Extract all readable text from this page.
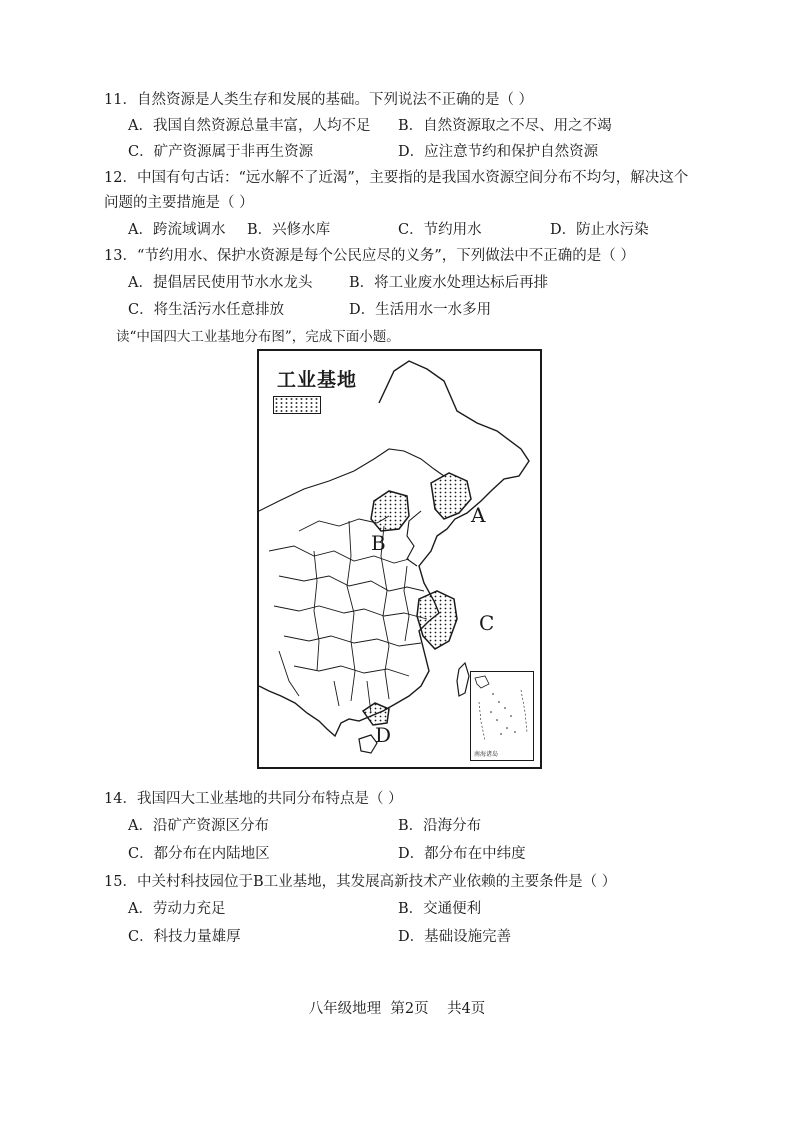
11．自然资源是人类生存和发展的基础。下列说法不正确的是（ ）
A．我国自然资源总量丰富，人均不足 B．自然资源取之不尽、用之不竭
C．矿产资源属于非再生资源	D．应注意节约和保护自然资源
12．中国有句古话：“远水解不了近渴”，主要指的是我国水资源空间分布不均匀，解决这个
问题的主要措施是（ ）
A．跨流域调水 B．兴修水库	C．节约用水	D．防止水污染
13．“节约用水、保护水资源是每个公民应尽的义务”，下列做法中不正确的是（ ）
A．提倡居民使用节水水龙头	B．将工业废水处理达标后再排
C．将生活污水任意排放	D．生活用水一水多用
读“中国四大工业基地分布图”，完成下面小题。
工业基地
A
B
C
D
南海诸岛
14．我国四大工业基地的共同分布特点是（ ）
A．沿矿产资源区分布	B．沿海分布
C．都分布在内陆地区	D．都分布在中纬度
15．中关村科技园位于B工业基地，其发展高新技术产业依赖的主要条件是（ ）
A．劳动力充足	B．交通便利
C．科技力量雄厚	D．基础设施完善
八年级地理  第2页    共4页
